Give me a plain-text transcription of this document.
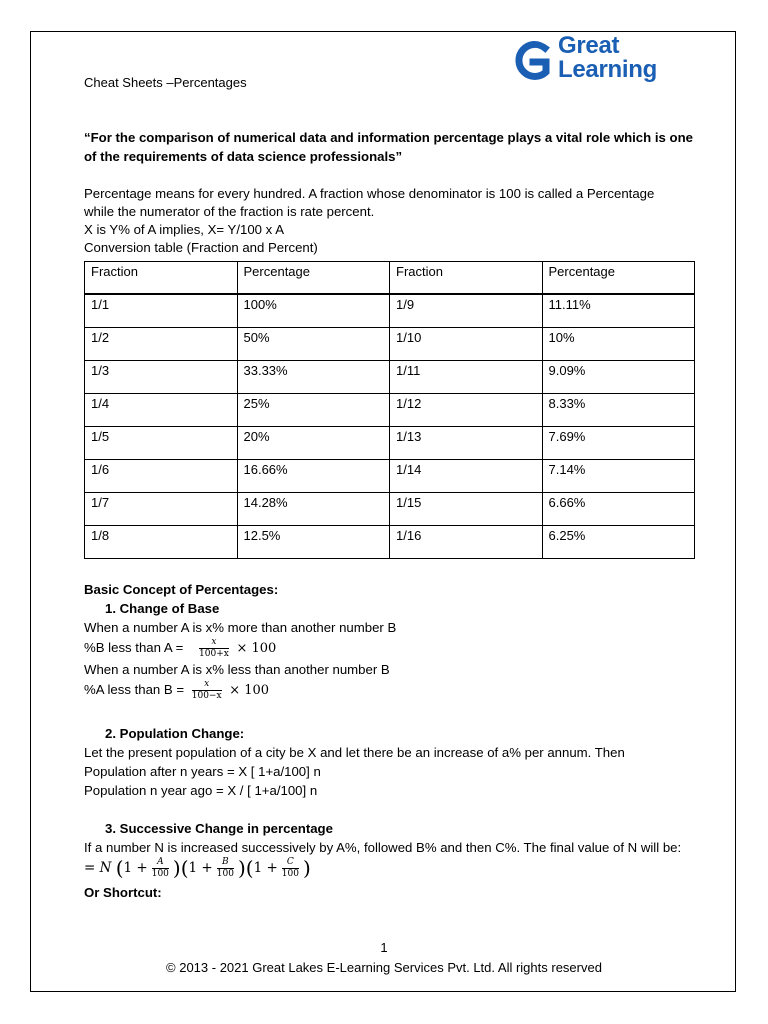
Cheat Sheets –Percentages
Great
Learning
“For the comparison of numerical data and information percentage plays a vital role which is one of the requirements of data science professionals”
Percentage means for every hundred. A fraction whose denominator is 100 is called a Percentage
while the numerator of the fraction is rate percent.
X is Y% of A implies, X= Y/100 x A
Conversion table (Fraction and Percent)
Fraction	Percentage	Fraction	Percentage
1/1	100%	1/9	11.11%
1/2	50%	1/10	10%
1/3	33.33%	1/11	9.09%
1/4	25%	1/12	8.33%
1/5	20%	1/13	7.69%
1/6	16.66%	1/14	7.14%
1/7	14.28%	1/15	6.66%
1/8	12.5%	1/16	6.25%
Basic Concept of Percentages:
1. Change of Base
When a number A is x% more than another number B
%B less than $A = \frac{x}{100+x} \times 100$
When a number A is x% less than another number B
%A less than $B = \frac{x}{100-x} \times 100$
2. Population Change:
Let the present population of a city be X and let there be an increase of a% per annum. Then
Population after n years = X [ 1+a/100] n
Population n year ago = X / [ 1+a/100] n
3. Successive Change in percentage
If a number N is increased successively by A%, followed B% and then C%. The final value of N will be:
= N $(1 + \frac{A}{100} )(1 + \frac{B}{100} )(1 + \frac{C}{100}$ )
Or Shortcut:
1
© 2013 - 2021 Great Lakes E-Learning Services Pvt. Ltd. All rights reserved
